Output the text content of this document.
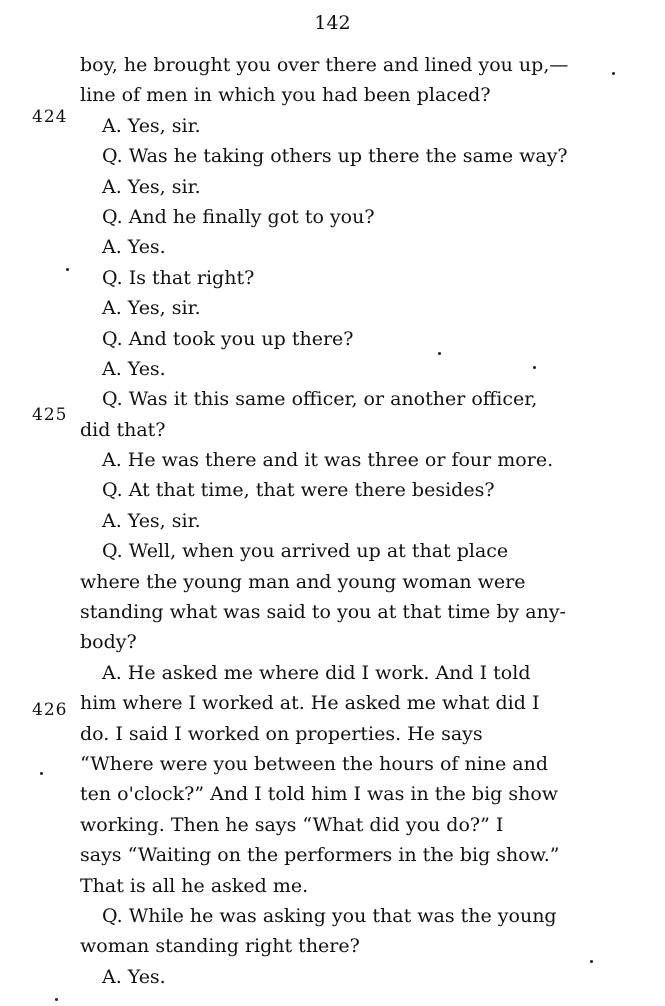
142
424
425
426
boy, he brought you over there and lined you up,—
line of men in which you had been placed?
A. Yes, sir.
Q. Was he taking others up there the same way?
A. Yes, sir.
Q. And he finally got to you?
A. Yes.
Q. Is that right?
A. Yes, sir.
Q. And took you up there?
A. Yes.
Q. Was it this same officer, or another officer,
did that?
A. He was there and it was three or four more.
Q. At that time, that were there besides?
A. Yes, sir.
Q. Well, when you arrived up at that place
where the young man and young woman were
standing what was said to you at that time by any-
body?
A. He asked me where did I work. And I told
him where I worked at. He asked me what did I
do. I said I worked on properties. He says
“Where were you between the hours of nine and
ten o'clock?” And I told him I was in the big show
working. Then he says “What did you do?” I
says “Waiting on the performers in the big show.”
That is all he asked me.
Q. While he was asking you that was the young
woman standing right there?
A. Yes.
